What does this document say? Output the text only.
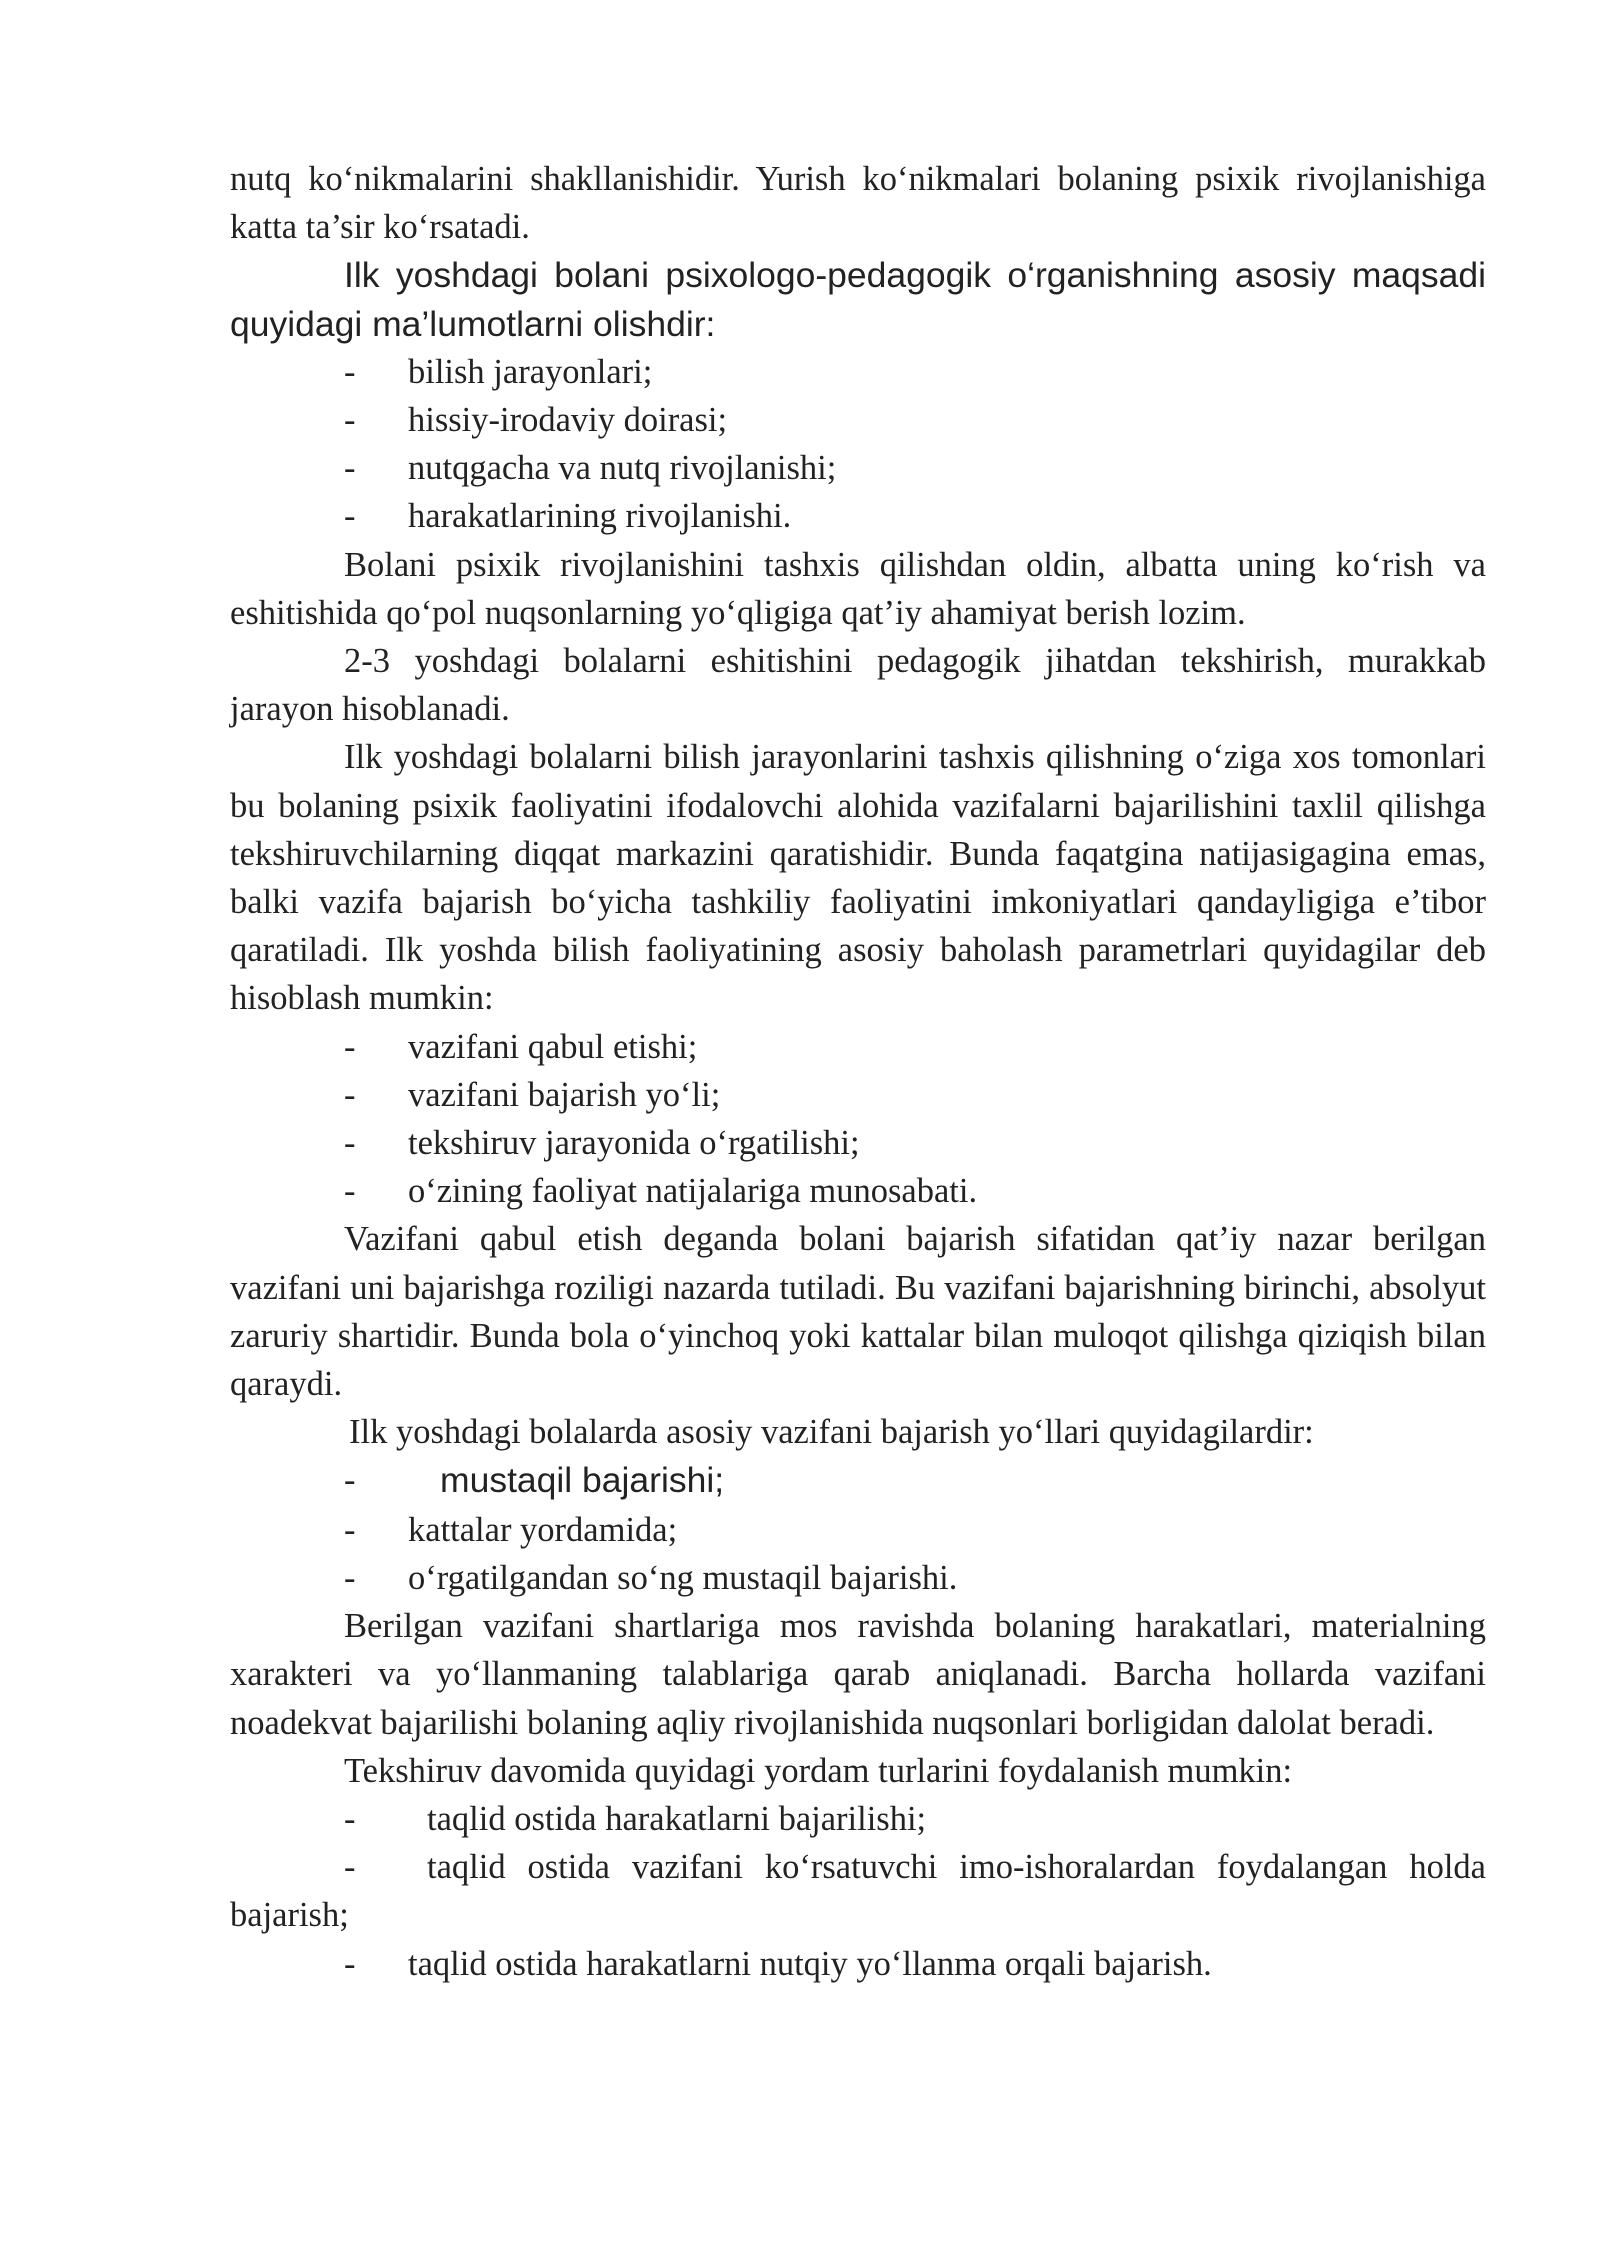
nutq ko‘nikmalarini shakllanishidir. Yurish ko‘nikmalari bolaning psixik rivojlanishiga katta ta’sir ko‘rsatadi.

Ilk yoshdagi bolani psixologo-pedagogik o‘rganishning asosiy maqsadi quyidagi ma’lumotlarni olishdir:

- bilish jarayonlari;

- hissiy-irodaviy doirasi;

- nutqgacha va nutq rivojlanishi;

- harakatlarining rivojlanishi.

Bolani psixik rivojlanishini tashxis qilishdan oldin, albatta uning ko‘rish va eshitishida qo‘pol nuqsonlarning yo‘qligiga qat’iy ahamiyat berish lozim.

2-3 yoshdagi bolalarni eshitishini pedagogik jihatdan tekshirish, murakkab jarayon hisoblanadi.

Ilk yoshdagi bolalarni bilish jarayonlarini tashxis qilishning o‘ziga xos tomonlari bu bolaning psixik faoliyatini ifodalovchi alohida vazifalarni bajarilishini taxlil qilishga tekshiruvchilarning diqqat markazini qaratishidir. Bunda faqatgina natijasigagina emas, balki vazifa bajarish bo‘yicha tashkiliy faoliyatini imkoniyatlari qandayligiga e’tibor qaratiladi. Ilk yoshda bilish faoliyatining asosiy baholash parametrlari quyidagilar deb hisoblash mumkin:

- vazifani qabul etishi;

- vazifani bajarish yo‘li;

- tekshiruv jarayonida o‘rgatilishi;

- o‘zining faoliyat natijalariga munosabati.

Vazifani qabul etish deganda bolani bajarish sifatidan qat’iy nazar berilgan vazifani uni bajarishga roziligi nazarda tutiladi. Bu vazifani bajarishning birinchi, absolyut zaruriy shartidir. Bunda bola o‘yinchoq yoki kattalar bilan muloqot qilishga qiziqish bilan qaraydi.

Ilk yoshdagi bolalarda asosiy vazifani bajarish yo‘llari quyidagilardir:

- mustaqil bajarishi;

- kattalar yordamida;

- o‘rgatilgandan so‘ng mustaqil bajarishi.

Berilgan vazifani shartlariga mos ravishda bolaning harakatlari, materialning xarakteri va yo‘llanmaning talablariga qarab aniqlanadi. Barcha hollarda vazifani noadekvat bajarilishi bolaning aqliy rivojlanishida nuqsonlari borligidan dalolat beradi.

Tekshiruv davomida quyidagi yordam turlarini foydalanish mumkin:

- taqlid ostida harakatlarni bajarilishi;

- taqlid ostida vazifani ko‘rsatuvchi imo-ishoralardan foydalangan holda bajarish;

- taqlid ostida harakatlarni nutqiy yo‘llanma orqali bajarish.
